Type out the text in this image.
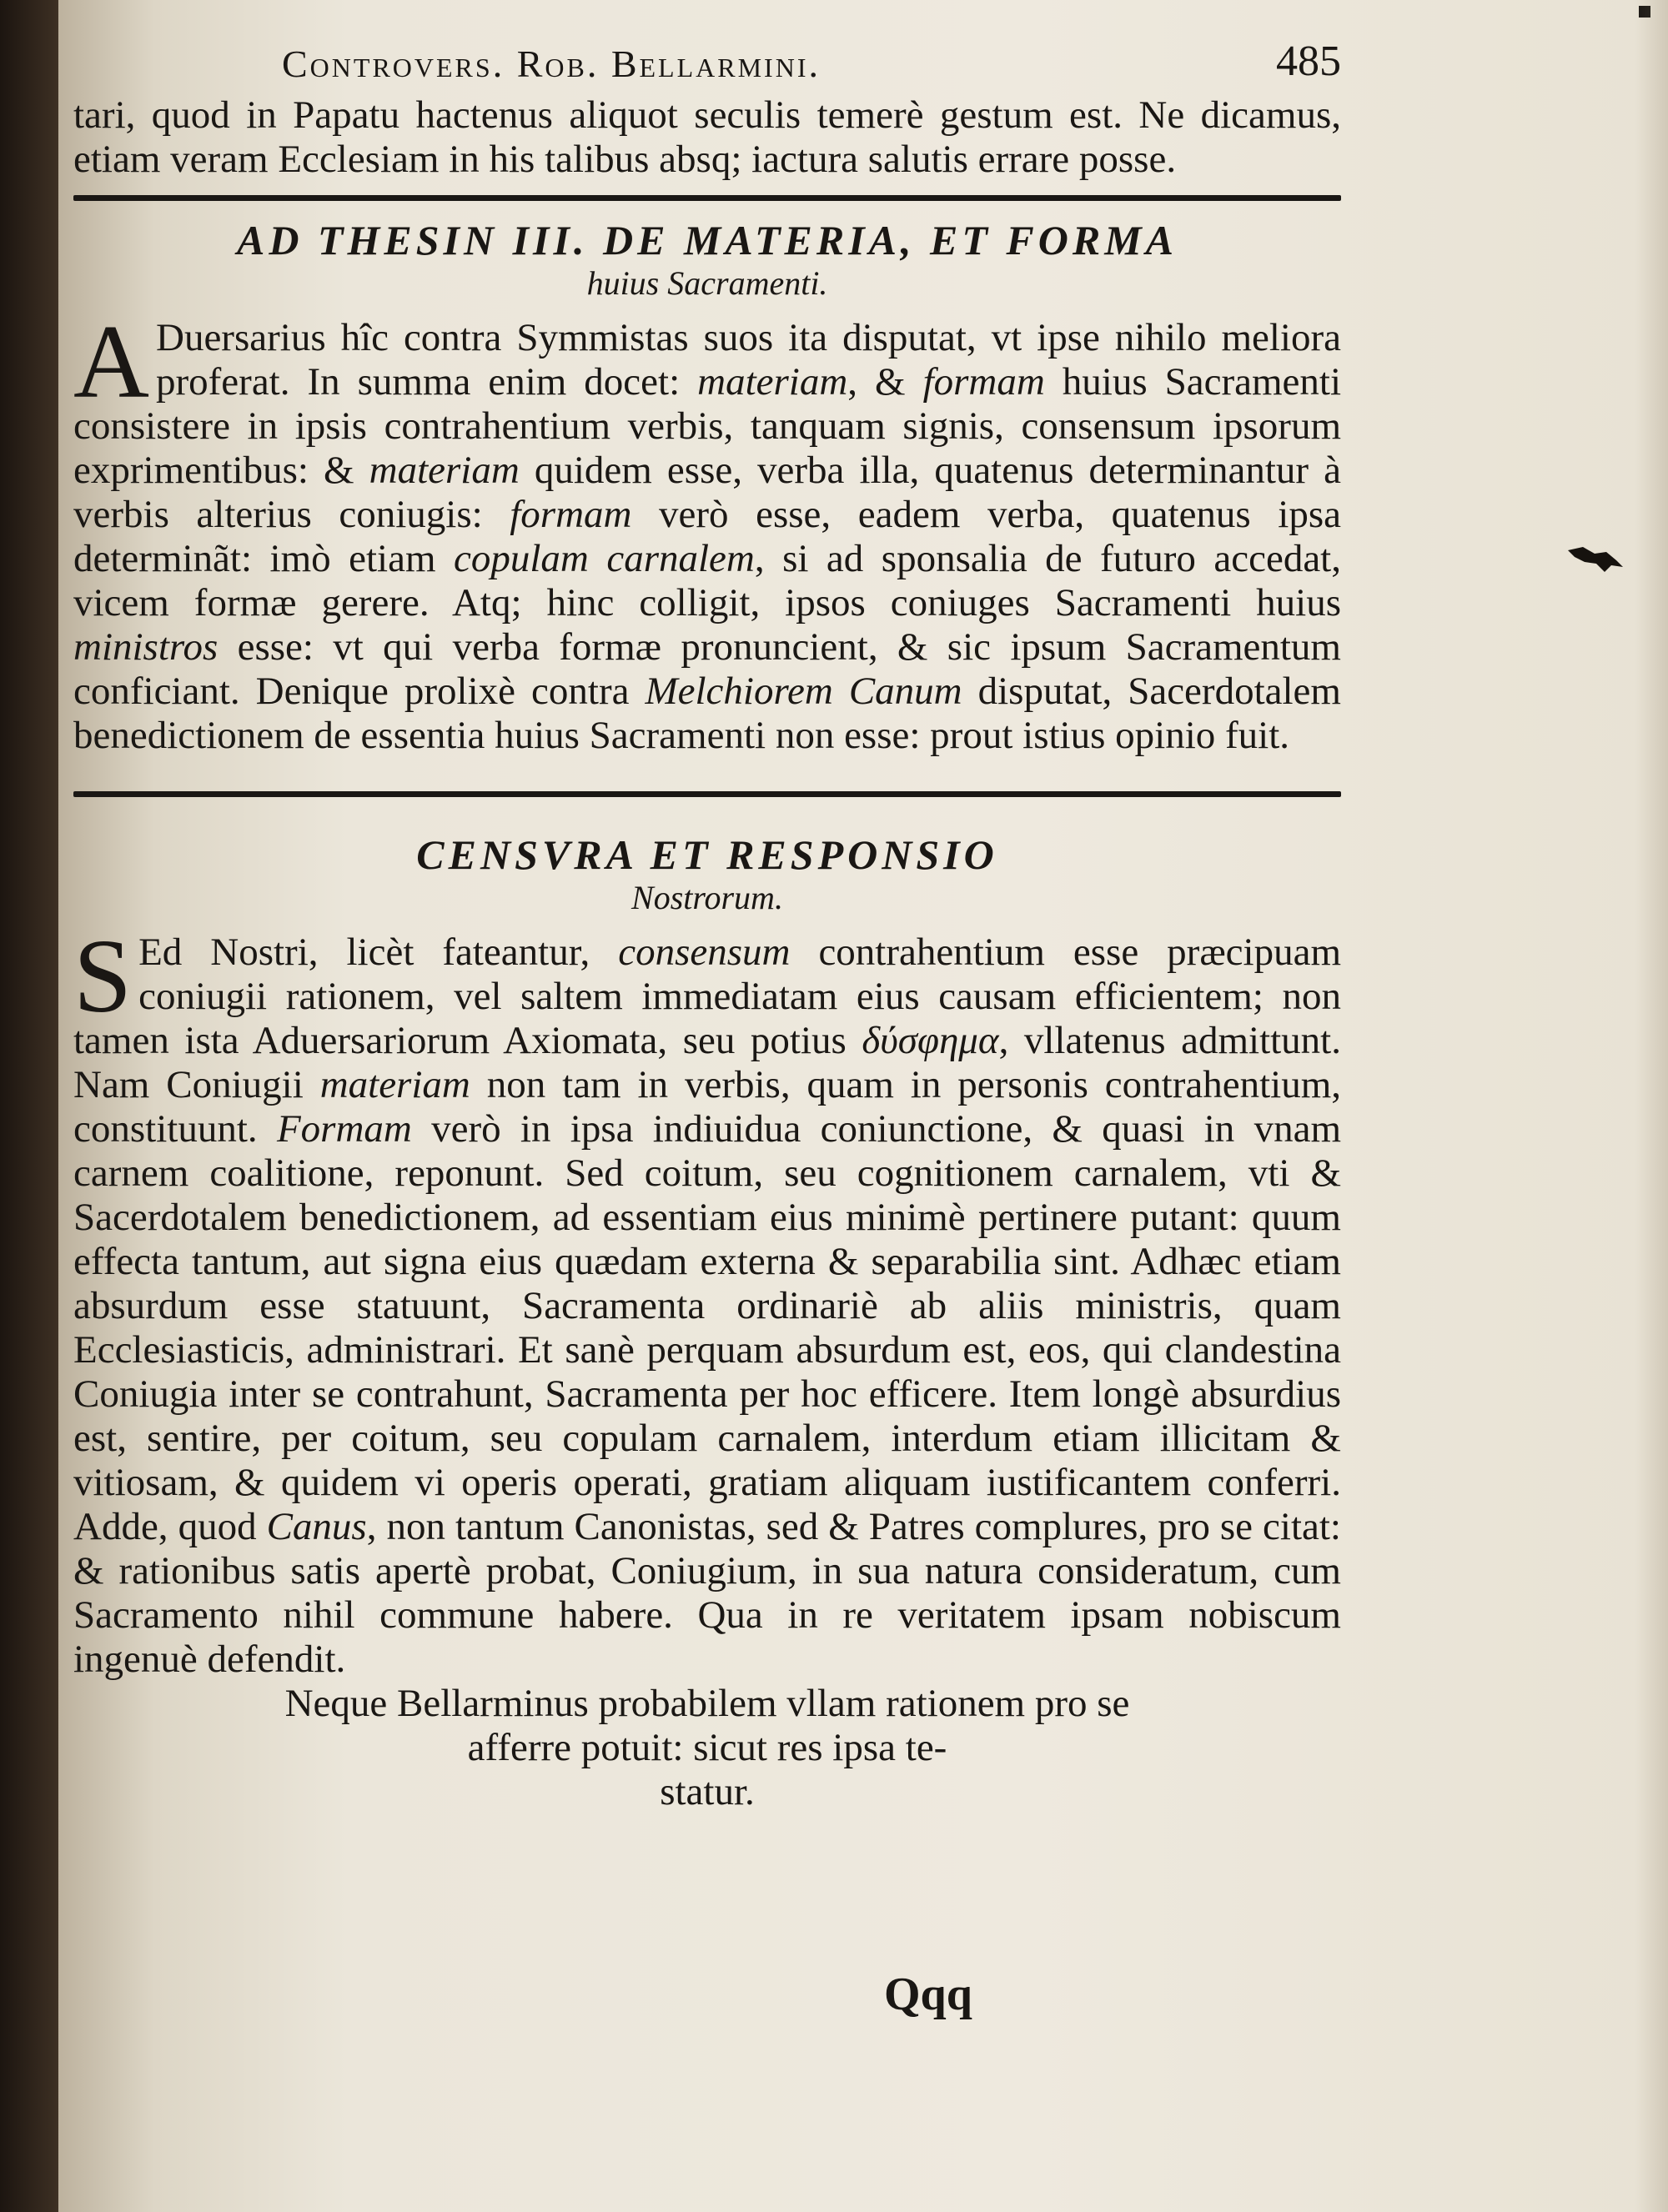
Controvers. Rob. Bellarmini.	485

tari, quod in Papatu hactenus aliquot seculis temerè gestum est. Ne dicamus, etiam veram Ecclesiam in his talibus absq; iactura salutis errare posse.

AD THESIN III. DE MATERIA, ET FORMA
huius Sacramenti.

A Duersarius hîc contra Symmistas suos ita disputat, vt ipse nihilo meliora proferat. In summa enim docet: materiam, & formam huius Sacramenti consistere in ipsis contrahentium verbis, tanquam signis, consensum ipsorum exprimentibus: & materiam quidem esse, verba illa, quatenus determinantur à verbis alterius coniugis: formam verò esse, eadem verba, quatenus ipsa determinãt: imò etiam copulam carnalem, si ad sponsalia de futuro accedat, vicem formæ gerere. Atq; hinc colligit, ipsos coniuges Sacramenti huius ministros esse: vt qui verba formæ pronuncient, & sic ipsum Sacramentum conficiant. Denique prolixè contra Melchiorem Canum disputat, Sacerdotalem benedictionem de essentia huius Sacramenti non esse: prout istius opinio fuit.

CENSVRA ET RESPONSIO
Nostrorum.

S Ed Nostri, licèt fateantur, consensum contrahentium esse præcipuam coniugii rationem, vel saltem immediatam eius causam efficientem; non tamen ista Aduersariorum Axiomata, seu potius δύσφημα, vllatenus admittunt. Nam Coniugii materiam non tam in verbis, quam in personis contrahentium, constituunt. Formam verò in ipsa indiuidua coniunctione, & quasi in vnam carnem coalitione, reponunt. Sed coitum, seu cognitionem carnalem, vti & Sacerdotalem benedictionem, ad essentiam eius minimè pertinere putant: quum effecta tantum, aut signa eius quædam externa & separabilia sint. Adhæc etiam absurdum esse statuunt, Sacramenta ordinariè ab aliis ministris, quam Ecclesiasticis, administrari. Et sanè perquam absurdum est, eos, qui clandestina Coniugia inter se contrahunt, Sacramenta per hoc efficere. Item longè absurdius est, sentire, per coitum, seu copulam carnalem, interdum etiam illicitam & vitiosam, & quidem vi operis operati, gratiam aliquam iustificantem conferri. Adde, quod Canus, non tantum Canonistas, sed & Patres complures, pro se citat: & rationibus satis apertè probat, Coniugium, in sua natura consideratum, cum Sacramento nihil commune habere. Qua in re veritatem ipsam nobiscum ingenuè defendit.

Neque Bellarminus probabilem vllam rationem pro se

afferre potuit: sicut res ipsa te-

statur.

Qqq
